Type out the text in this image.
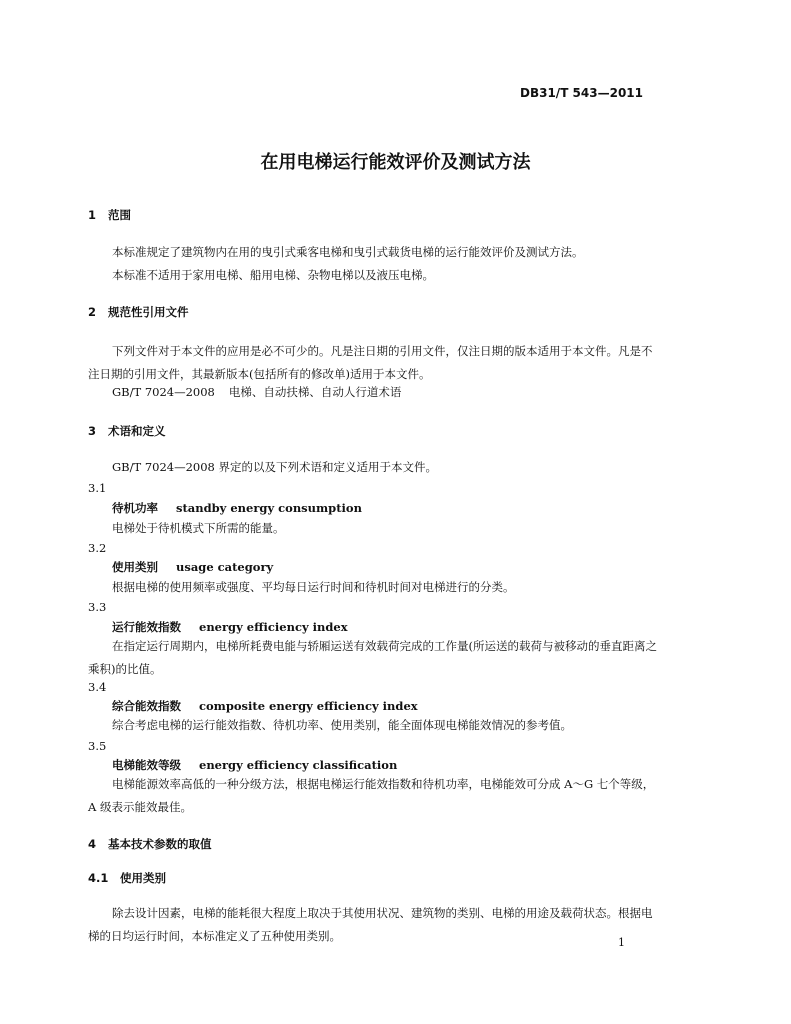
DB31/T 543—2011
在用电梯运行能效评价及测试方法
1 范围
本标准规定了建筑物内在用的曳引式乘客电梯和曳引式载货电梯的运行能效评价及测试方法。
本标准不适用于家用电梯、船用电梯、杂物电梯以及液压电梯。
2 规范性引用文件
下列文件对于本文件的应用是必不可少的。凡是注日期的引用文件，仅注日期的版本适用于本文件。凡是不注日期的引用文件，其最新版本(包括所有的修改单)适用于本文件。
GB/T 7024—2008 电梯、自动扶梯、自动人行道术语
3 术语和定义
GB/T 7024—2008 界定的以及下列术语和定义适用于本文件。
3.1
待机功率 standby energy consumption
电梯处于待机模式下所需的能量。
3.2
使用类别 usage category
根据电梯的使用频率或强度、平均每日运行时间和待机时间对电梯进行的分类。
3.3
运行能效指数 energy efficiency index
在指定运行周期内，电梯所耗费电能与轿厢运送有效载荷完成的工作量(所运送的载荷与被移动的垂直距离之乘积)的比值。
3.4
综合能效指数 composite energy efficiency index
综合考虑电梯的运行能效指数、待机功率、使用类别，能全面体现电梯能效情况的参考值。
3.5
电梯能效等级 energy efficiency classification
电梯能源效率高低的一种分级方法，根据电梯运行能效指数和待机功率，电梯能效可分成 A～G 七个等级，A 级表示能效最佳。
4 基本技术参数的取值
4.1 使用类别
除去设计因素，电梯的能耗很大程度上取决于其使用状况、建筑物的类别、电梯的用途及载荷状态。根据电梯的日均运行时间，本标准定义了五种使用类别。	1
